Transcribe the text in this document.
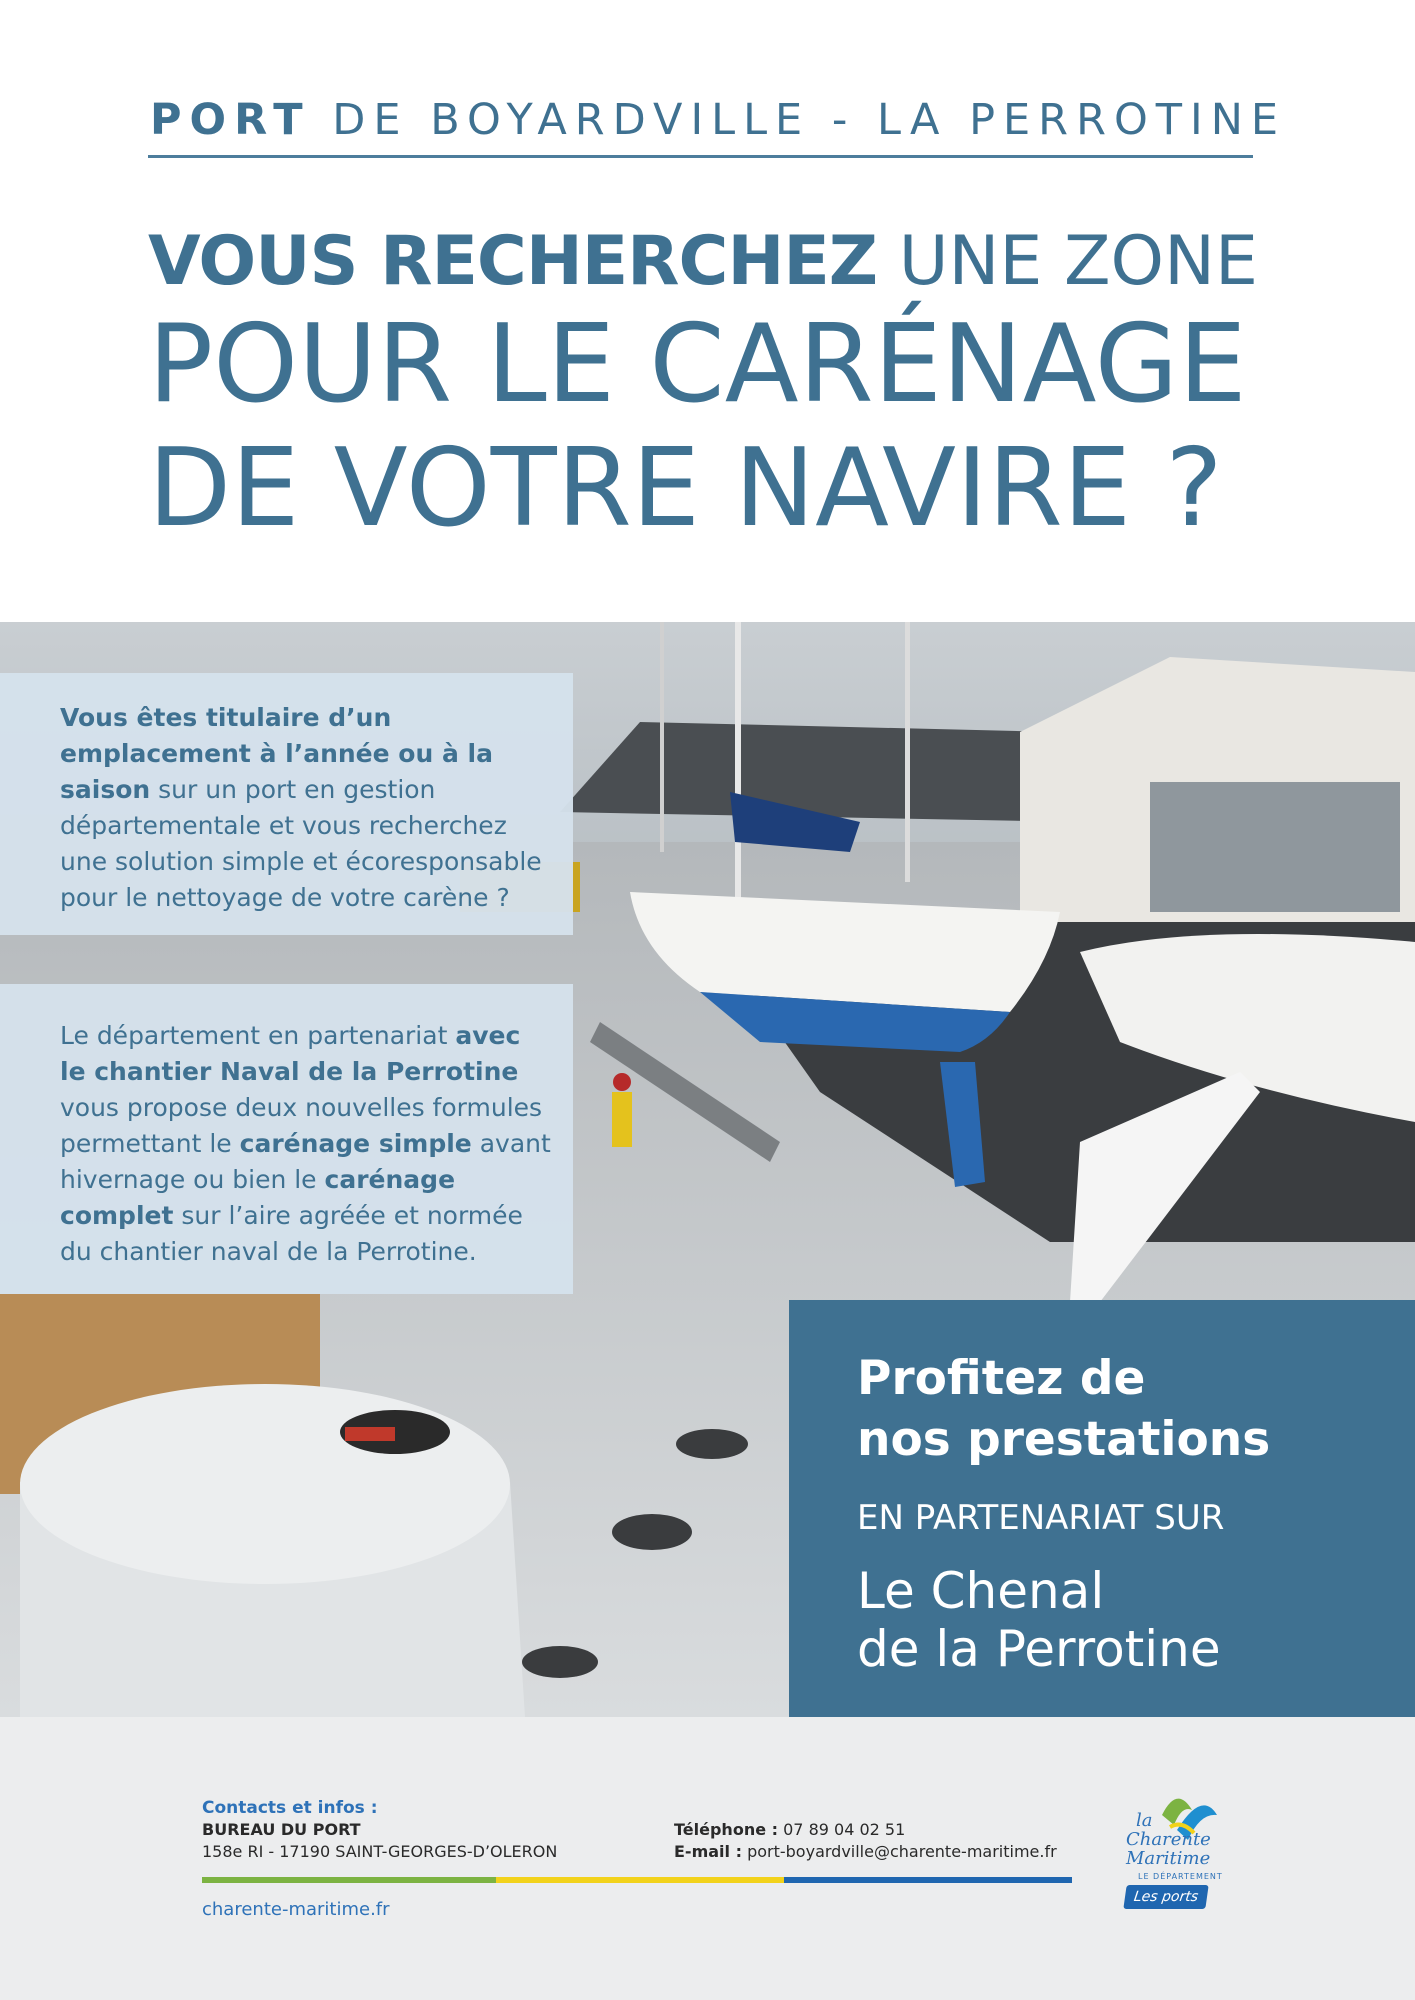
PORT DE BOYARDVILLE - LA PERROTINE
VOUS RECHERCHEZ UNE ZONE
POUR LE CARÉNAGE
DE VOTRE NAVIRE ?
Vous êtes titulaire d’un emplacement à l’année ou à la saison sur un port en gestion départementale et vous recherchez une solution simple et écoresponsable pour le nettoyage de votre carène ?
Le département en partenariat avec le chantier Naval de la Perrotine vous propose deux nouvelles formules permettant le carénage simple avant hivernage ou bien le carénage complet sur l’aire agréée et normée du chantier naval de la Perrotine.
Profitez de
nos prestations
EN PARTENARIAT SUR
Le Chenal
de la Perrotine
Contacts et infos :
BUREAU DU PORT
158e RI - 17190 SAINT-GEORGES-D’OLERON
Téléphone : 07 89 04 02 51
E-mail : port-boyardville@charente-maritime.fr
charente-maritime.fr
la
Charente
Maritime
LE DÉPARTEMENT
Les ports
